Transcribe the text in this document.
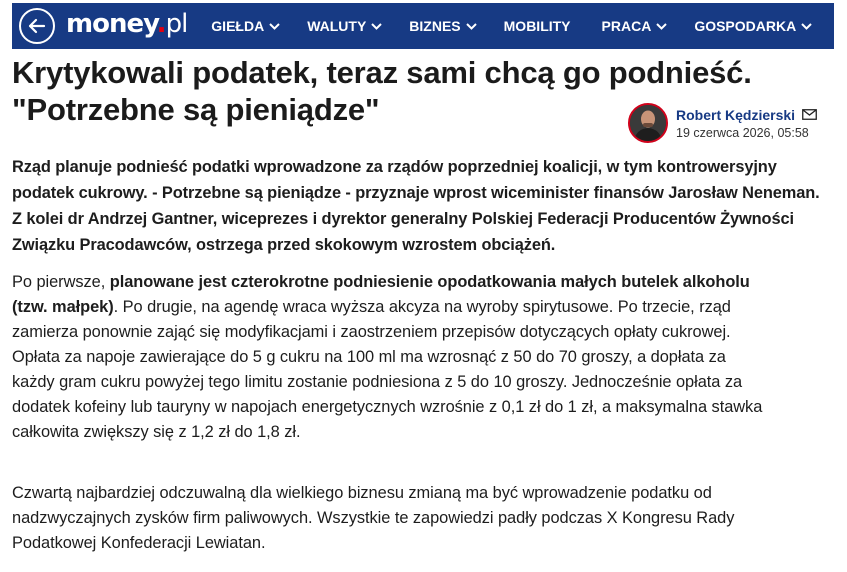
money.pl GIEŁDA	WALUTY	BIZNES	MOBILITY PRACA	GOSPODARKA
Krytykowali podatek, teraz sami chcą go podnieść.
"Potrzebne są pieniądze"	Robert Kędzierski
19 czerwca 2026, 05:58

Rząd planuje podnieść podatki wprowadzone za rządów poprzedniej koalicji, w tym kontrowersyjny podatek cukrowy. - Potrzebne są pieniądze - przyznaje wprost wiceminister finansów Jarosław Neneman. Z kolei dr Andrzej Gantner, wiceprezes i dyrektor generalny Polskiej Federacji Producentów Żywności Związku Pracodawców, ostrzega przed skokowym wzrostem obciążeń.

Po pierwsze, planowane jest czterokrotne podniesienie opodatkowania małych butelek alkoholu (tzw. małpek). Po drugie, na agendę wraca wyższa akcyza na wyroby spirytusowe. Po trzecie, rząd zamierza ponownie zająć się modyfikacjami i zaostrzeniem przepisów dotyczących opłaty cukrowej. Opłata za napoje zawierające do 5 g cukru na 100 ml ma wzrosnąć z 50 do 70 groszy, a dopłata za każdy gram cukru powyżej tego limitu zostanie podniesiona z 5 do 10 groszy. Jednocześnie opłata za dodatek kofeiny lub tauryny w napojach energetycznych wzrośnie z 0,1 zł do 1 zł, a maksymalna stawka całkowita zwiększy się z 1,2 zł do 1,8 zł.

Czwartą najbardziej odczuwalną dla wielkiego biznesu zmianą ma być wprowadzenie podatku od nadzwyczajnych zysków firm paliwowych. Wszystkie te zapowiedzi padły podczas X Kongresu Rady Podatkowej Konfederacji Lewiatan.
